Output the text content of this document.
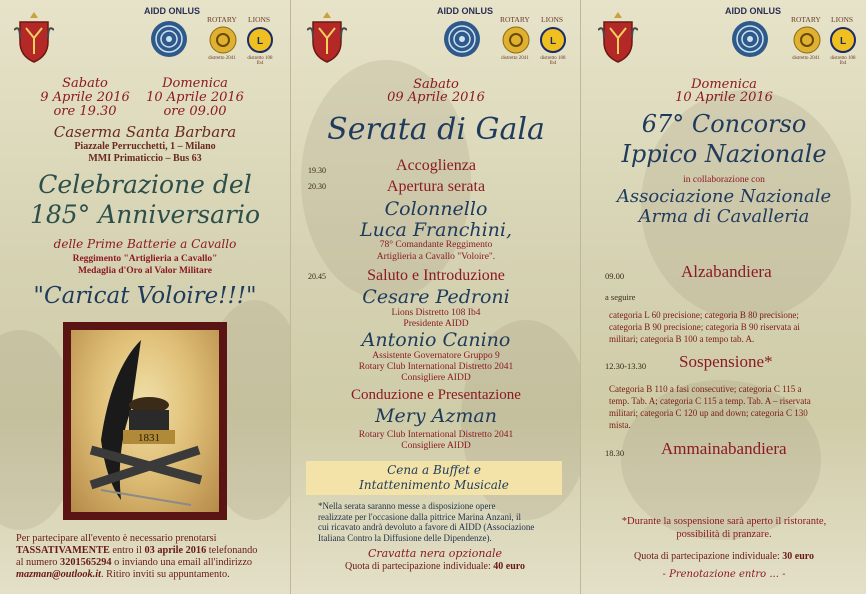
AIDD ONLUS
ROTARY
distretto 2041
LIONS
L
distretto 108 Ib4
Sabato
9 Aprile 2016
ore 19.30
Domenica
10 Aprile 2016
ore 09.00
Caserma Santa Barbara
Piazzale Perrucchetti, 1 – Milano
MMI Primaticcio – Bus 63
Celebrazione del
185° Anniversario
delle Prime Batterie a Cavallo
Reggimento "Artiglieria a Cavallo"
Medaglia d'Oro al Valor Militare
"Caricat Voloire!!!"
1831
Per partecipare all'evento è necessario prenotarsi
TASSATIVAMENTE entro il 03 aprile 2016 telefonando
al numero 3201565294 o inviando una email all'indirizzo
mazman@outlook.it. Ritiro inviti su appuntamento.
AIDD ONLUS
ROTARY
distretto 2041
LIONS
L
distretto 108 Ib4
Sabato
09 Aprile 2016
Serata di Gala
19.30	Accoglienza
20.30	Apertura serata
Colonnello
Luca Franchini,
78° Comandante Reggimento
Artiglieria a Cavallo "Voloire".
20.45	Saluto e Introduzione
Cesare Pedroni
Lions Distretto 108 Ib4
Presidente AIDD
Antonio Canino
Assistente Governatore Gruppo 9
Rotary Club International Distretto 2041
Consigliere AIDD
Conduzione e Presentazione
Mery Azman
Rotary Club International Distretto 2041
Consigliere AIDD
Cena a Buffet e
Intattenimento Musicale
*Nella serata saranno messe a disposizione opere
realizzate per l'occasione dalla pittrice Marina Anzani, il
cui ricavato andrà devoluto a favore di AIDD (Associazione
Italiana Contro la Diffusione delle Dipendenze).
Cravatta nera opzionale
Quota di partecipazione individuale: 40 euro
AIDD ONLUS
ROTARY
distretto 2041
LIONS
L
distretto 108 Ib4
Domenica
10 Aprile 2016
67° Concorso
Ippico Nazionale
in collaborazione con
Associazione Nazionale
Arma di Cavalleria
09.00	Alzabandiera
a seguire
categoria L 60 precisione; categoria B 80 precisione;
categoria B 90 precisione; categoria B 90 riservata ai
militari; categoria B 100 a tempo tab. A.
12.30-13.30 Sospensione*
Categoria B 110 a fasi consecutive; categoria C 115 a
temp. Tab. A; categoria C 115 a temp. Tab. A – riservata
militari; categoria C 120 up and down; categoria C 130
mista.
18.30 Ammainabandiera
*Durante la sospensione sarà aperto il ristorante,
possibilità di pranzare.
Quota di partecipazione individuale: 30 euro
- Prenotazione entro ... -
